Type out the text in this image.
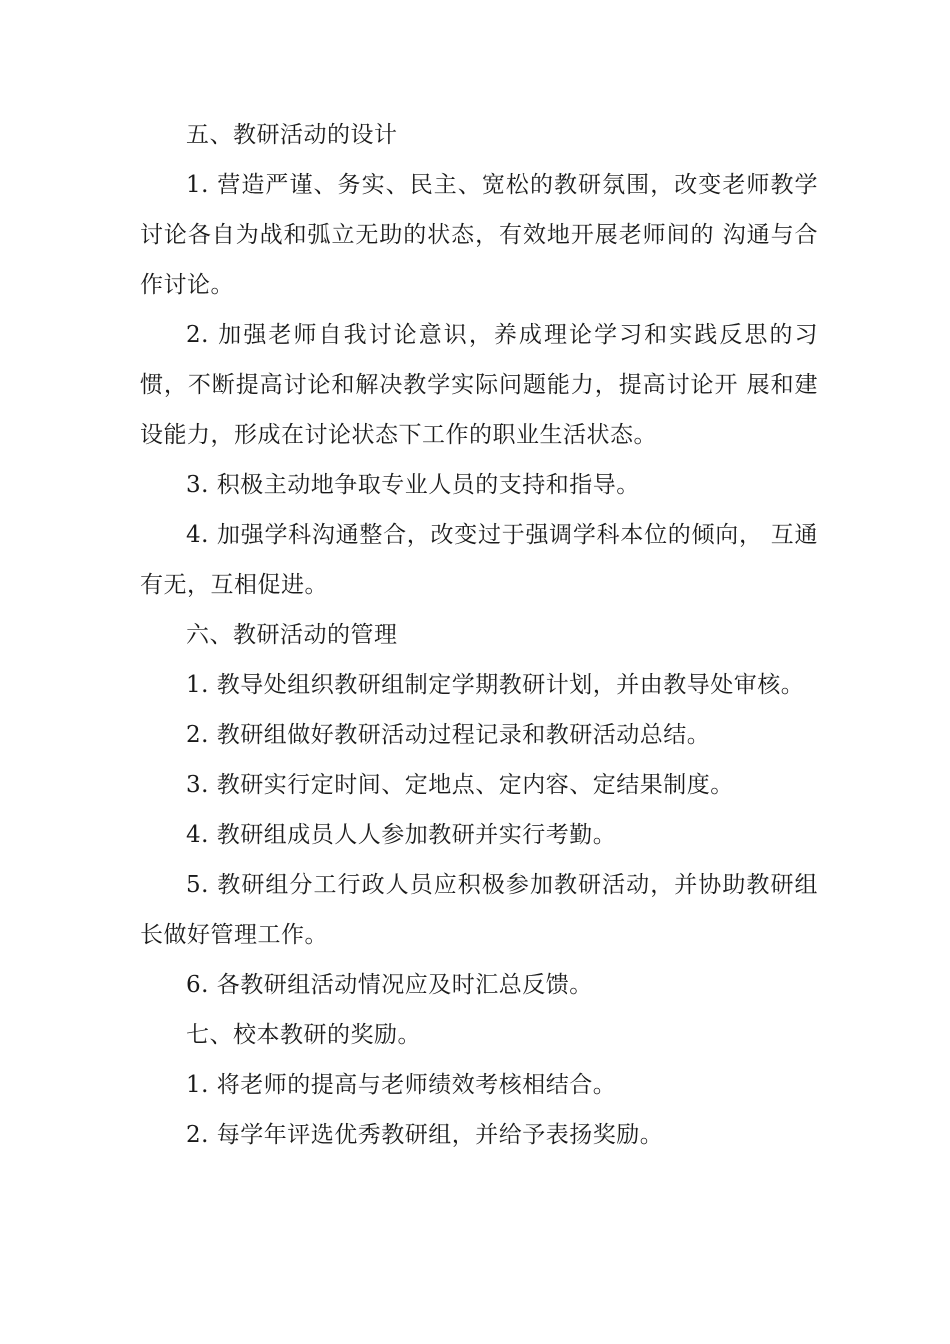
五、教研活动的设计

1. 营造严谨、务实、民主、宽松的教研氛围，改变老师教学讨论各自为战和弧立无助的状态，有效地开展老师间的 沟通与合作讨论。

2. 加强老师自我讨论意识，养成理论学习和实践反思的习惯，不断提高讨论和解决教学实际问题能力，提高讨论开 展和建设能力，形成在讨论状态下工作的职业生活状态。

3. 积极主动地争取专业人员的支持和指导。

4. 加强学科沟通整合，改变过于强调学科本位的倾向， 互通有无，互相促进。

六、教研活动的管理

1. 教导处组织教研组制定学期教研计划，并由教导处审核。

2. 教研组做好教研活动过程记录和教研活动总结。

3. 教研实行定时间、定地点、定内容、定结果制度。

4. 教研组成员人人参加教研并实行考勤。

5. 教研组分工行政人员应积极参加教研活动，并协助教研组长做好管理工作。

6. 各教研组活动情况应及时汇总反馈。

七、校本教研的奖励。

1. 将老师的提高与老师绩效考核相结合。

2. 每学年评选优秀教研组，并给予表扬奖励。
